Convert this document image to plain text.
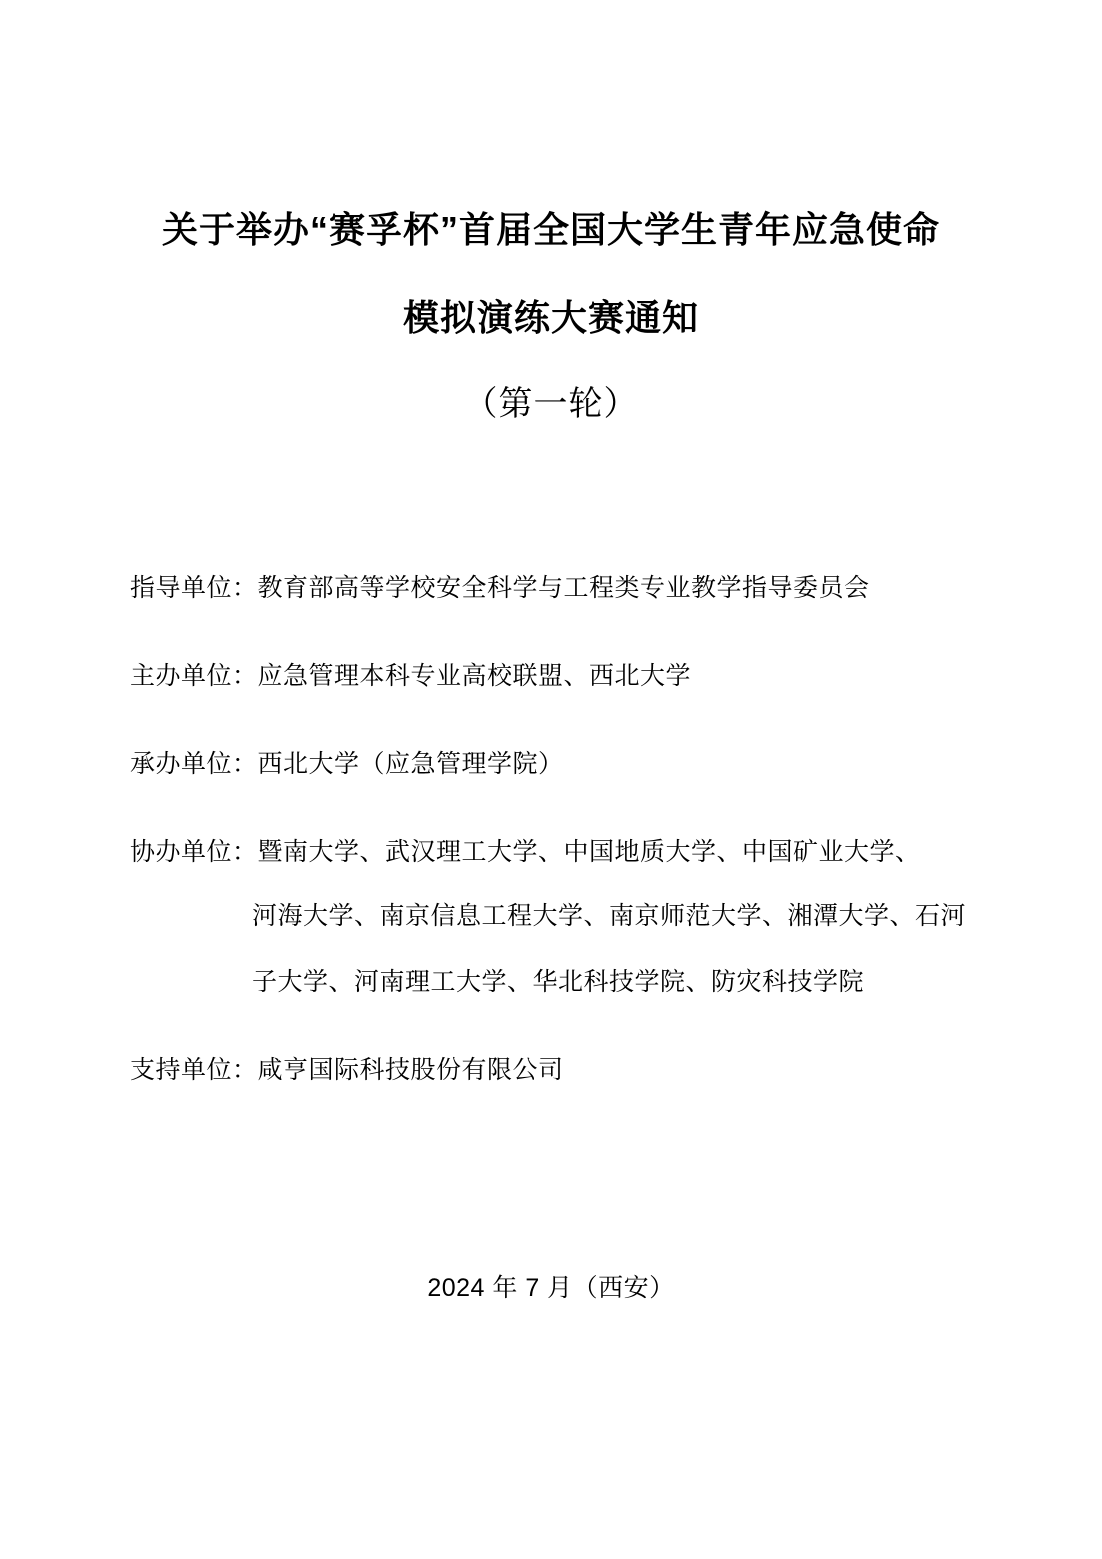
关于举办“赛孚杯”首届全国大学生青年应急使命
模拟演练大赛通知
（第一轮）
指导单位：教育部高等学校安全科学与工程类专业教学指导委员会
主办单位：应急管理本科专业高校联盟、西北大学
承办单位：西北大学（应急管理学院）
协办单位：暨南大学、武汉理工大学、中国地质大学、中国矿业大学、
河海大学、南京信息工程大学、南京师范大学、湘潭大学、石河
子大学、河南理工大学、华北科技学院、防灾科技学院
支持单位：咸亨国际科技股份有限公司
2024 年 7 月（西安）
